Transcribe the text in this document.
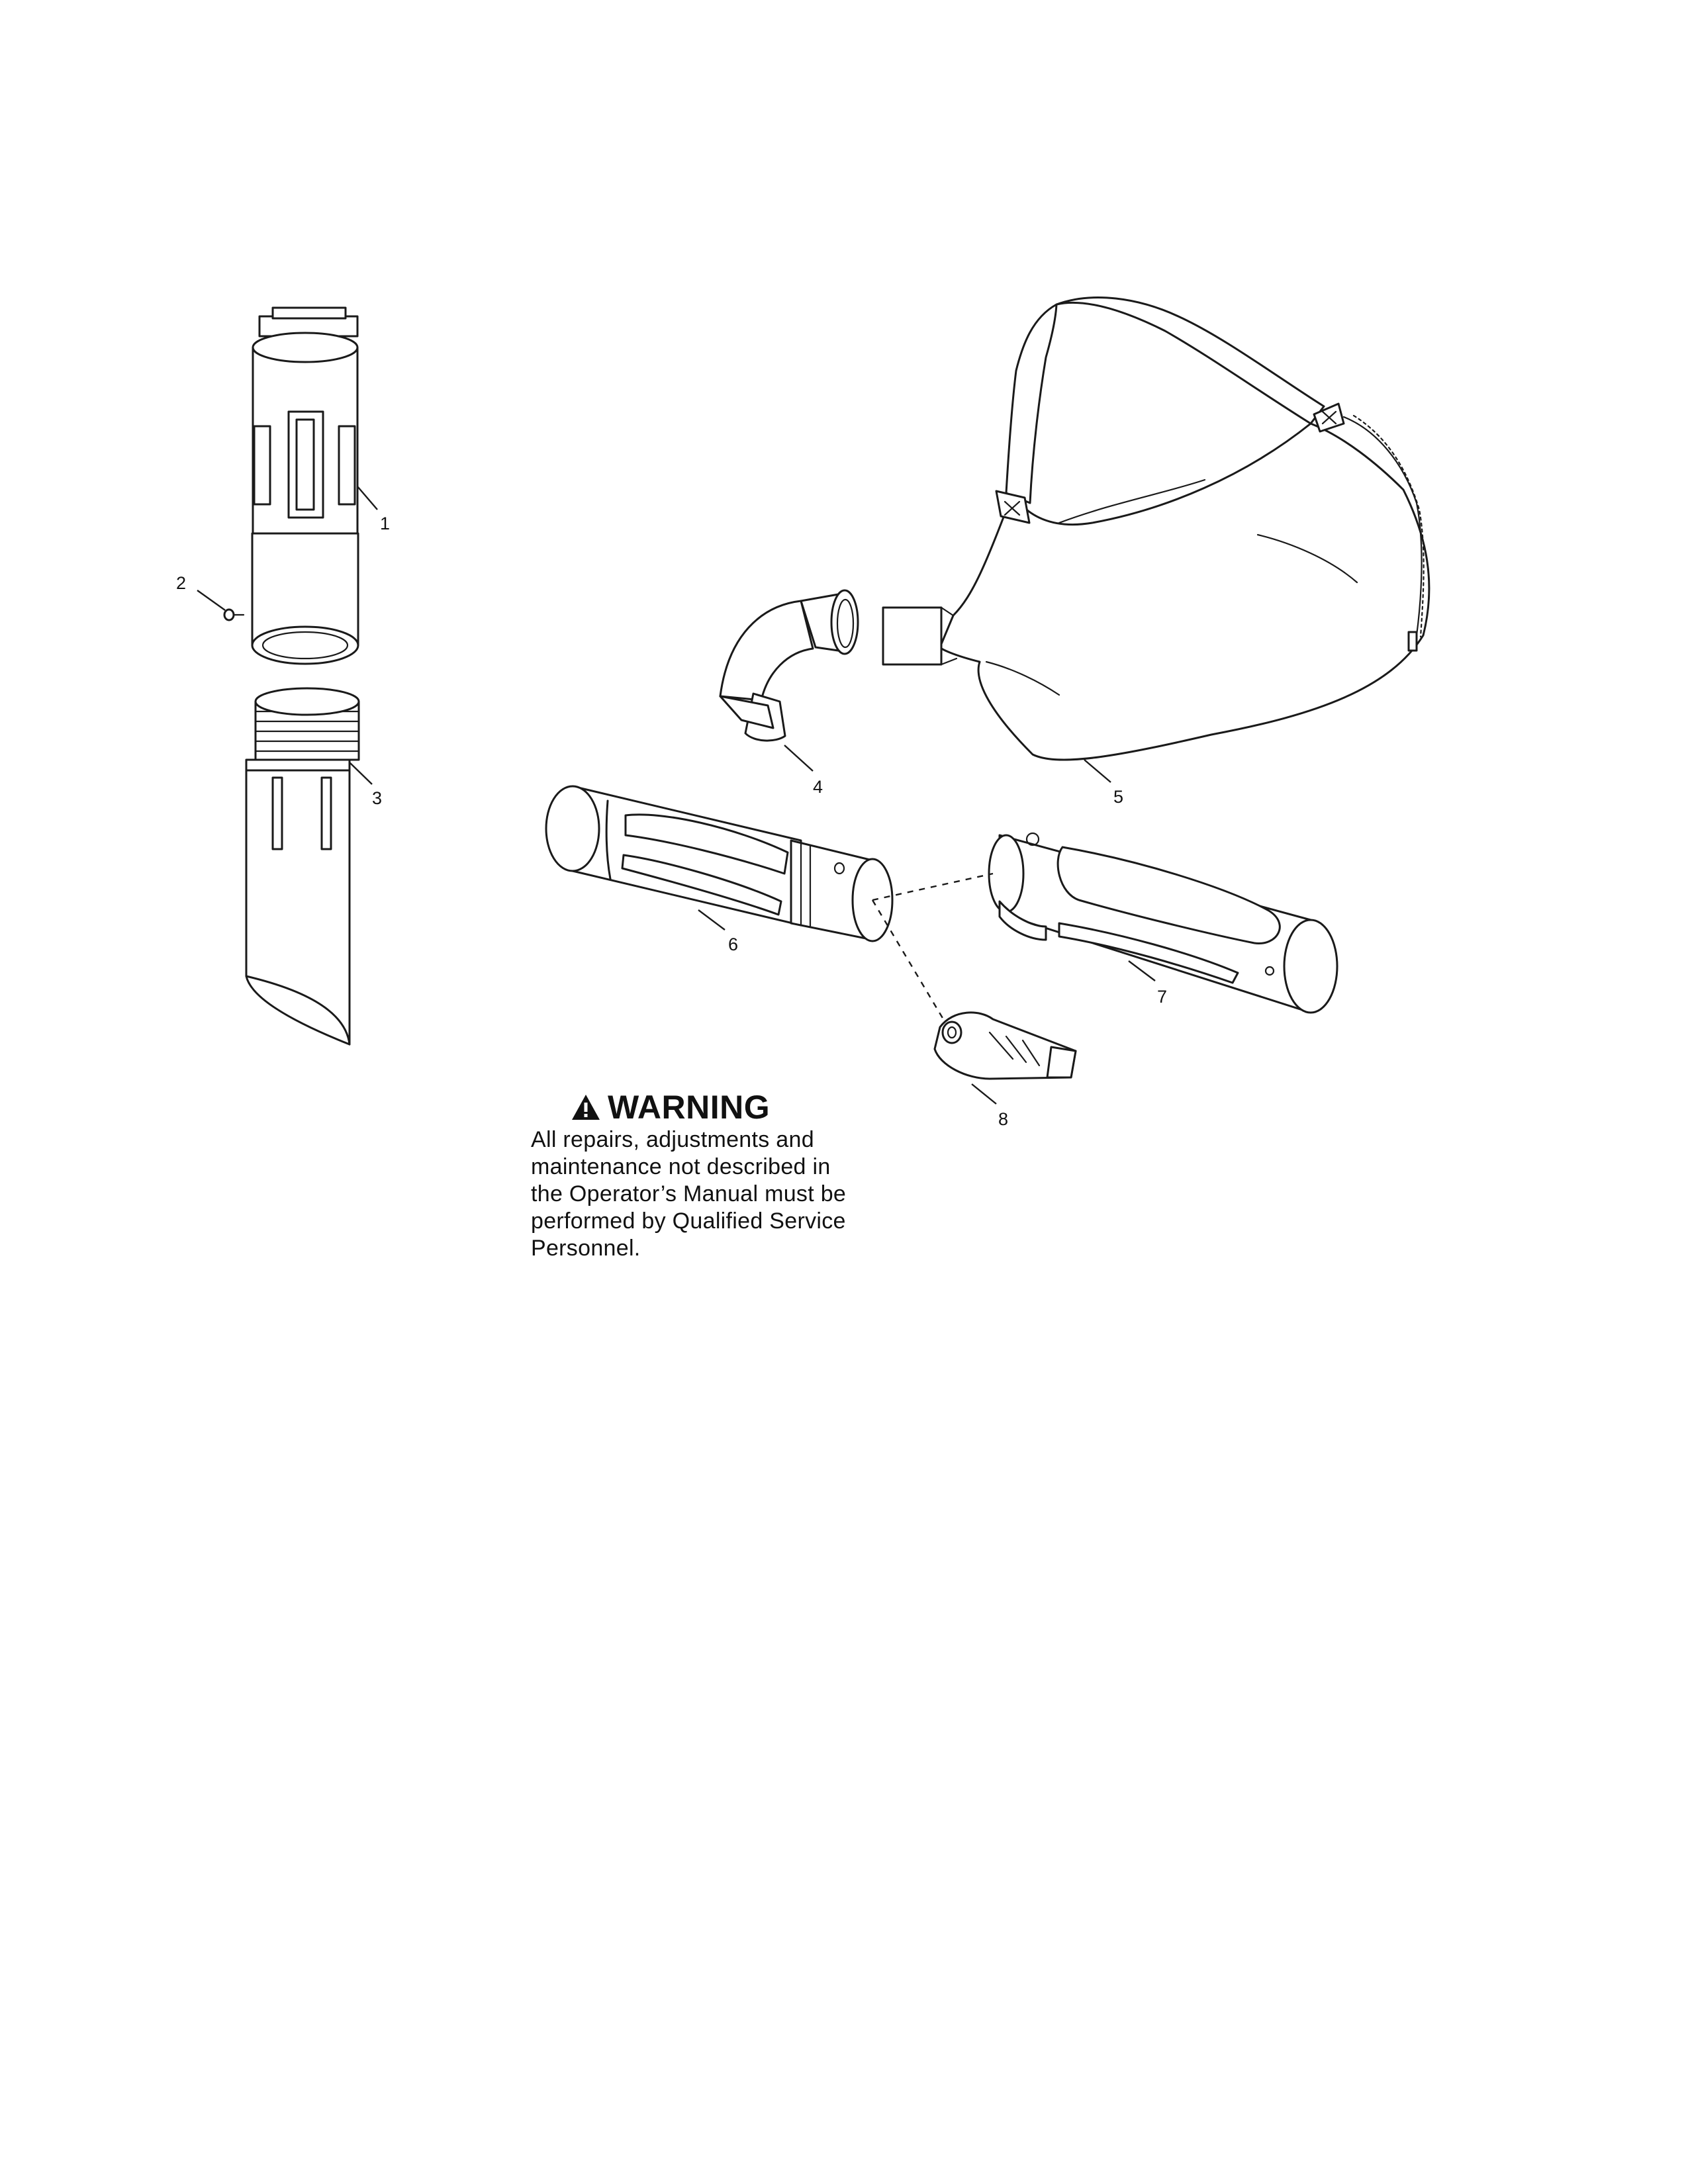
1
2
3
4	5
6
7
8
WARNING
All repairs, adjustments and
maintenance not described in
the Operator’s Manual must be
performed by Qualified Service
Personnel.
